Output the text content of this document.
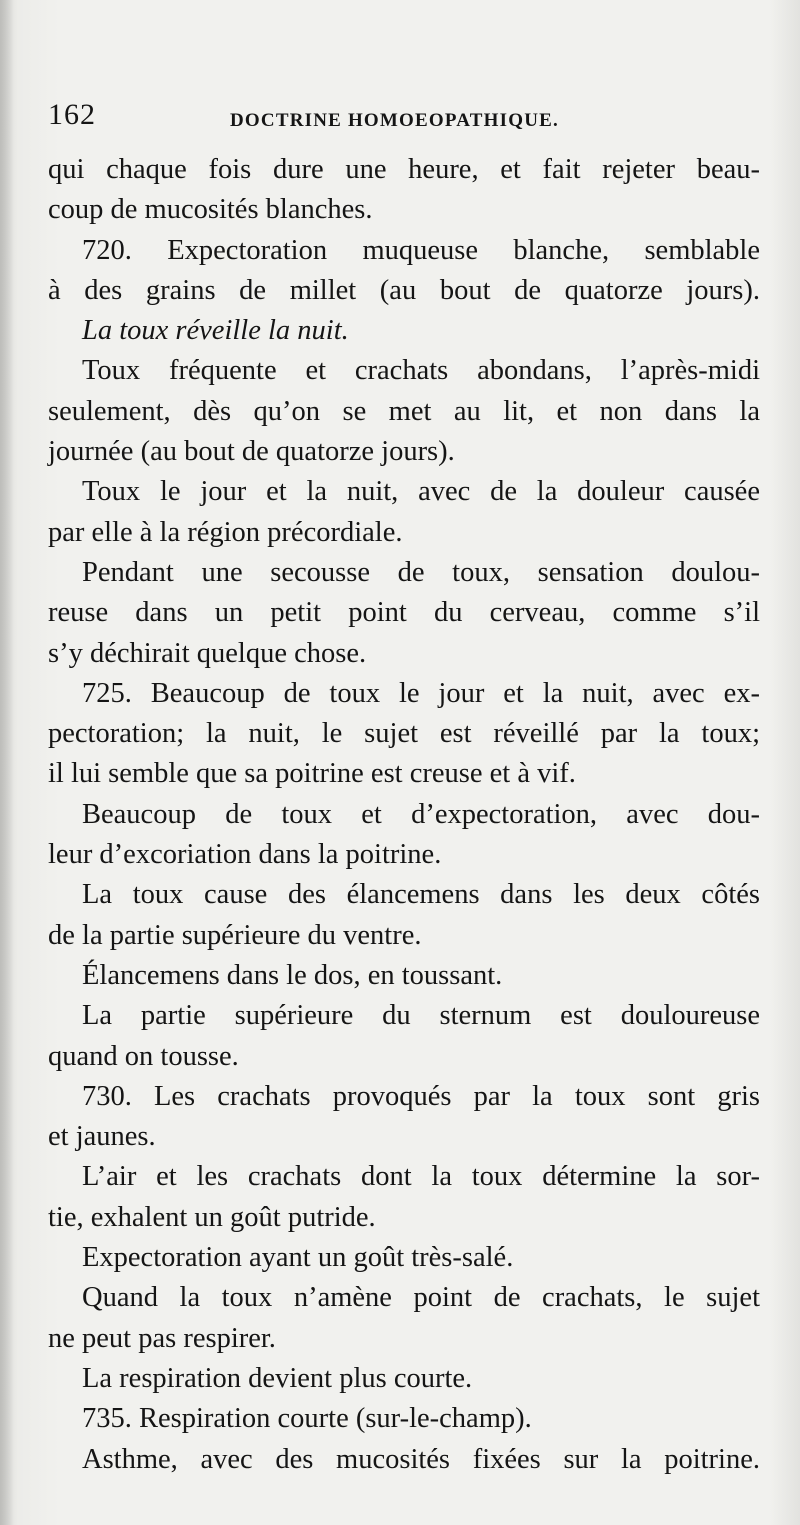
162	DOCTRINE HOMOEOPATHIQUE.
qui chaque fois dure une heure, et fait rejeter beau-
coup de mucosités blanches.
720. Expectoration muqueuse blanche, semblable
à des grains de millet (au bout de quatorze jours).
La toux réveille la nuit.
Toux fréquente et crachats abondans, l’après-midi
seulement, dès qu’on se met au lit, et non dans la
journée (au bout de quatorze jours).
Toux le jour et la nuit, avec de la douleur causée
par elle à la région précordiale.
Pendant une secousse de toux, sensation doulou-
reuse dans un petit point du cerveau, comme s’il
s’y déchirait quelque chose.
725. Beaucoup de toux le jour et la nuit, avec ex-
pectoration; la nuit, le sujet est réveillé par la toux;
il lui semble que sa poitrine est creuse et à vif.
Beaucoup de toux et d’expectoration, avec dou-
leur d’excoriation dans la poitrine.
La toux cause des élancemens dans les deux côtés
de la partie supérieure du ventre.
Élancemens dans le dos, en toussant.
La partie supérieure du sternum est douloureuse
quand on tousse.
730. Les crachats provoqués par la toux sont gris
et jaunes.
L’air et les crachats dont la toux détermine la sor-
tie, exhalent un goût putride.
Expectoration ayant un goût très-salé.
Quand la toux n’amène point de crachats, le sujet
ne peut pas respirer.
La respiration devient plus courte.
735. Respiration courte (sur-le-champ).
Asthme, avec des mucosités fixées sur la poitrine.
